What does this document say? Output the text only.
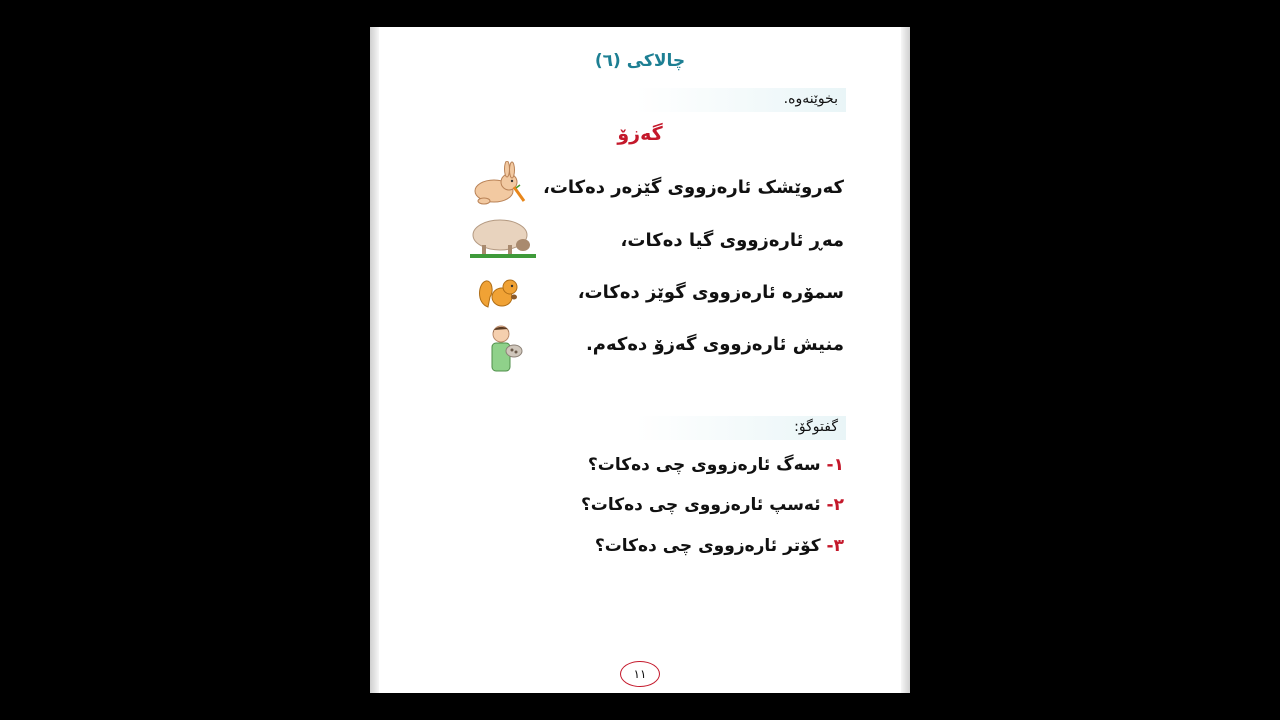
چالاکی (٦)
بخوێنەوە.
گەزۆ
کەروێشک ئارەزووی گێزەر دەکات،
مەڕ ئارەزووی گیا دەکات،
سمۆرە ئارەزووی گوێز دەکات،
منیش ئارەزووی گەزۆ دەکەم.
گفتوگۆ:
١- سەگ ئارەزووی چی دەکات؟
٢- ئەسپ ئارەزووی چی دەکات؟
٣- کۆتر ئارەزووی چی دەکات؟
١١
